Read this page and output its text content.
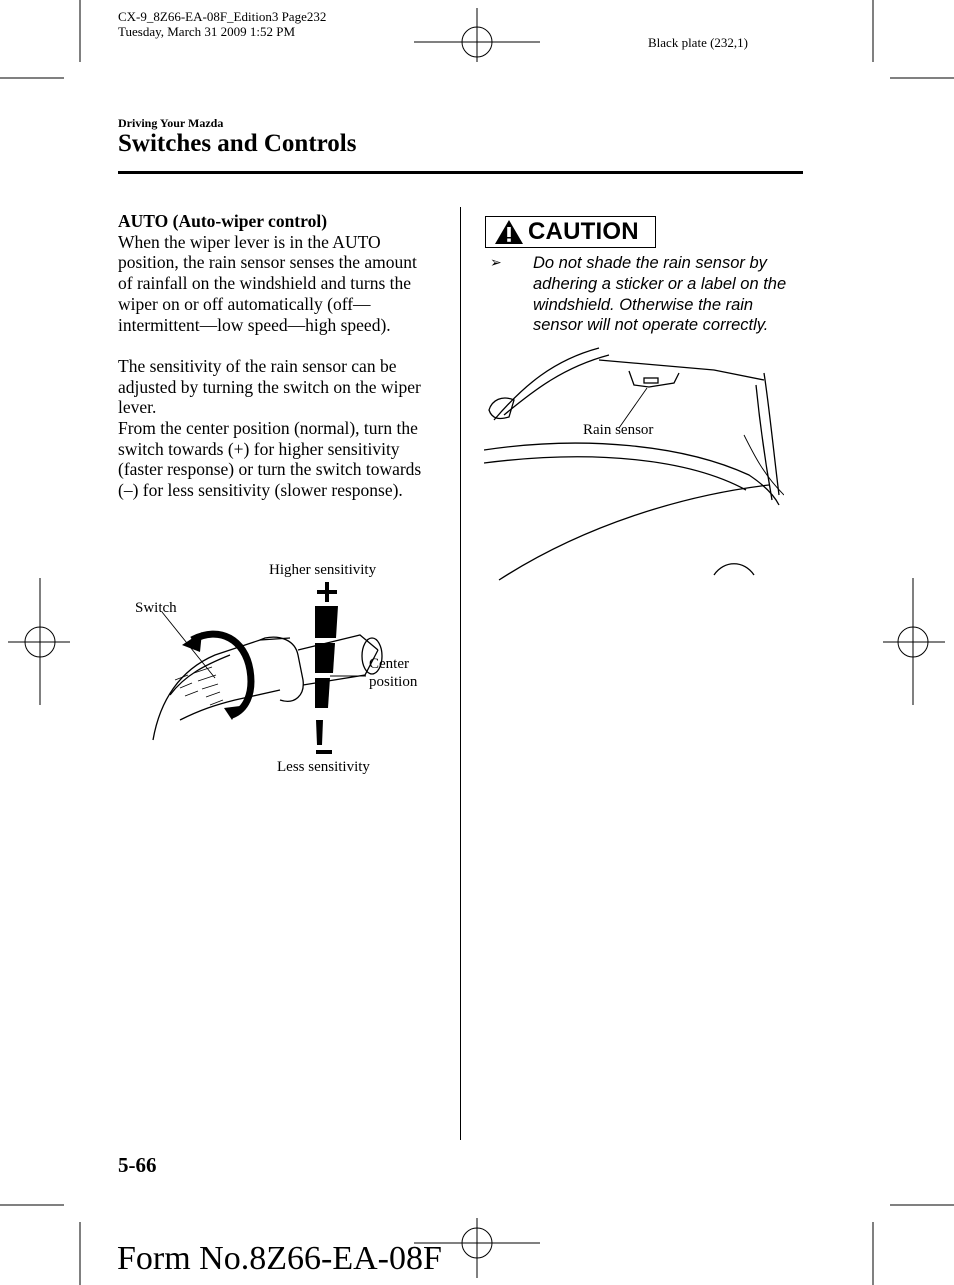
CX-9_8Z66-EA-08F_Edition3 Page232
Tuesday, March 31 2009 1:52 PM
Black plate (232,1)
Driving Your Mazda
Switches and Controls

AUTO (Auto-wiper control)

When the wiper lever is in the AUTO position, the rain sensor senses the amount of rainfall on the windshield and turns the wiper on or off automatically (off—intermittent—low speed—high speed).

The sensitivity of the rain sensor can be adjusted by turning the switch on the wiper lever.

From the center position (normal), turn the switch towards (+) for higher sensitivity (faster response) or turn the switch towards (–) for less sensitivity (slower response).

Higher sensitivity
Switch
Center
position
Less sensitivity
CAUTION
➢	Do not shade the rain sensor by adhering a sticker or a label on the windshield. Otherwise the rain sensor will not operate correctly.
Rain sensor
5-66
Form No.8Z66-EA-08F
